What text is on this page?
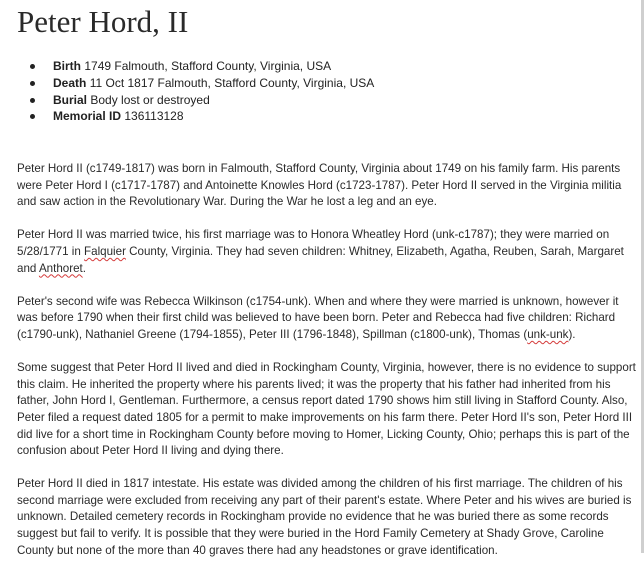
Peter Hord, II
Birth 1749 Falmouth, Stafford County, Virginia, USA
Death 11 Oct 1817 Falmouth, Stafford County, Virginia, USA
Burial Body lost or destroyed
Memorial ID 136113128

Peter Hord II (c1749-1817) was born in Falmouth, Stafford County, Virginia about 1749 on his family farm. His parents were Peter Hord I (c1717-1787) and Antoinette Knowles Hord (c1723-1787). Peter Hord II served in the Virginia militia and saw action in the Revolutionary War. During the War he lost a leg and an eye.

Peter Hord II was married twice, his first marriage was to Honora Wheatley Hord (unk-c1787); they were married on 5/28/1771 in Falquier County, Virginia. They had seven children: Whitney, Elizabeth, Agatha, Reuben, Sarah, Margaret and Anthoret.

Peter's second wife was Rebecca Wilkinson (c1754-unk). When and where they were married is unknown, however it was before 1790 when their first child was believed to have been born. Peter and Rebecca had five children: Richard (c1790-unk), Nathaniel Greene (1794-1855), Peter III (1796-1848), Spillman (c1800-unk), Thomas (unk-unk).

Some suggest that Peter Hord II lived and died in Rockingham County, Virginia, however, there is no evidence to support this claim. He inherited the property where his parents lived; it was the property that his father had inherited from his father, John Hord I, Gentleman. Furthermore, a census report dated 1790 shows him still living in Stafford County. Also, Peter filed a request dated 1805 for a permit to make improvements on his farm there. Peter Hord II's son, Peter Hord III did live for a short time in Rockingham County before moving to Homer, Licking County, Ohio; perhaps this is part of the confusion about Peter Hord II living and dying there.

Peter Hord II died in 1817 intestate. His estate was divided among the children of his first marriage. The children of his second marriage were excluded from receiving any part of their parent's estate. Where Peter and his wives are buried is unknown. Detailed cemetery records in Rockingham provide no evidence that he was buried there as some records suggest but fail to verify. It is possible that they were buried in the Hord Family Cemetery at Shady Grove, Caroline County but none of the more than 40 graves there had any headstones or grave identification.
